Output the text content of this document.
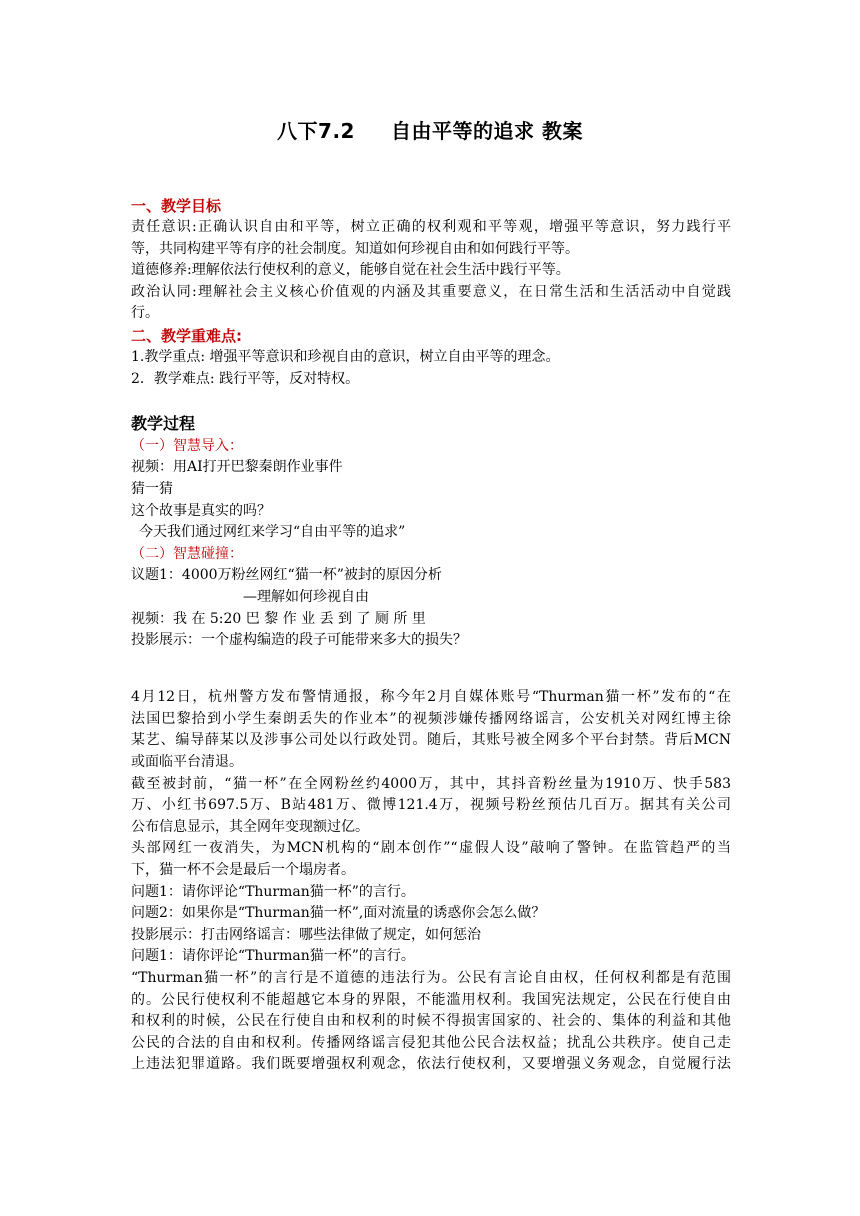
八下7.2 自由平等的追求 教案
一、教学目标
责任意识:正确认识自由和平等，树立正确的权利观和平等观，增强平等意识，努力践行平
等，共同构建平等有序的社会制度。知道如何珍视自由和如何践行平等。
道德修养:理解依法行使权利的意义，能够自觉在社会生活中践行平等。
政治认同:理解社会主义核心价值观的内涵及其重要意义，在日常生活和生活活动中自觉践
行。
二、教学重难点:
1.教学重点: 增强平等意识和珍视自由的意识，树立自由平等的理念。
2．教学难点: 践行平等，反对特权。
教学过程
（一）智慧导入：
视频：用AI打开巴黎秦朗作业事件
猜一猜
这个故事是真实的吗？
今天我们通过网红来学习“自由平等的追求”
（二）智慧碰撞：
议题1：4000万粉丝网红“猫一杯”被封的原因分析
—理解如何珍视自由
视频：我 在 5:20 巴 黎 作 业 丢 到 了 厕 所 里
投影展示：一个虚构编造的段子可能带来多大的损失？
4月12日，杭州警方发布警情通报，称今年2月自媒体账号“Thurman猫一杯”发布的“在
法国巴黎拾到小学生秦朗丢失的作业本”的视频涉嫌传播网络谣言，公安机关对网红博主徐
某艺、编导薛某以及涉事公司处以行政处罚。随后，其账号被全网多个平台封禁。背后MCN
或面临平台清退。
截至被封前，“猫一杯”在全网粉丝约4000万，其中，其抖音粉丝量为1910万、快手583
万、小红书697.5万、B站481万、微博121.4万，视频号粉丝预估几百万。据其有关公司
公布信息显示，其全网年变现额过亿。
头部网红一夜消失，为MCN机构的“剧本创作”“虚假人设”敲响了警钟。在监管趋严的当
下，猫一杯不会是最后一个塌房者。
问题1：请你评论“Thurman猫一杯”的言行。
问题2：如果你是“Thurman猫一杯”,面对流量的诱惑你会怎么做？
投影展示：打击网络谣言：哪些法律做了规定，如何惩治
问题1：请你评论“Thurman猫一杯”的言行。
“Thurman猫一杯”的言行是不道德的违法行为。公民有言论自由权，任何权利都是有范围
的。公民行使权利不能超越它本身的界限，不能滥用权利。我国宪法规定，公民在行使自由
和权利的时候，公民在行使自由和权利的时候不得损害国家的、社会的、集体的利益和其他
公民的合法的自由和权利。传播网络谣言侵犯其他公民合法权益；扰乱公共秩序。使自己走
上违法犯罪道路。我们既要增强权利观念，依法行使权利，又要增强义务观念，自觉履行法
